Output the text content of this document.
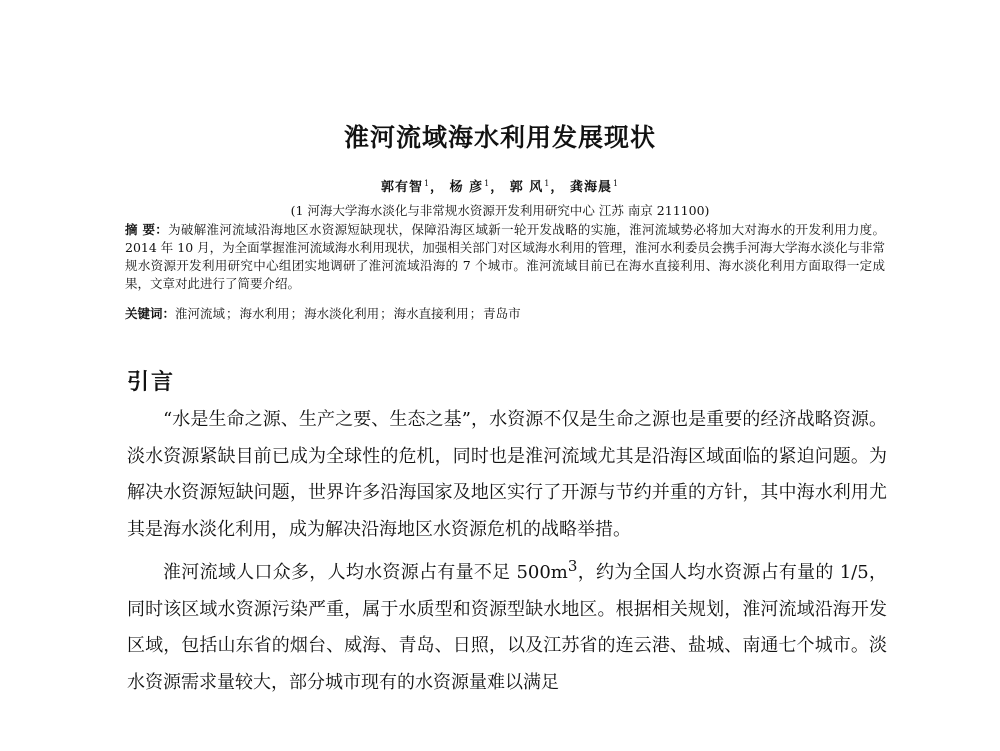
淮河流域海水利用发展现状
郭有智$^1$， 杨 彦$^1$， 郭 风$^1$， 龚海晨$^1$
(1 河海大学海水淡化与非常规水资源开发利用研究中心 江苏 南京 211100)
摘 要：为破解淮河流域沿海地区水资源短缺现状，保障沿海区域新一轮开发战略的实施，淮河流域势必将加大对海水的开发利用力度。2014 年 10 月，为全面掌握淮河流域海水利用现状，加强相关部门对区域海水利用的管理，淮河水利委员会携手河海大学海水淡化与非常规水资源开发利用研究中心组团实地调研了淮河流域沿海的 7 个城市。淮河流域目前已在海水直接利用、海水淡化利用方面取得一定成果，文章对此进行了简要介绍。
关键词：淮河流域；海水利用；海水淡化利用；海水直接利用；青岛市
引言

“水是生命之源、生产之要、生态之基”，水资源不仅是生命之源也是重要的经济战略资源。淡水资源紧缺目前已成为全球性的危机，同时也是淮河流域尤其是沿海区域面临的紧迫问题。为解决水资源短缺问题，世界许多沿海国家及地区实行了开源与节约并重的方针，其中海水利用尤其是海水淡化利用，成为解决沿海地区水资源危机的战略举措。

淮河流域人口众多，人均水资源占有量不足 $500m^3$，约为全国人均水资源占有量的 1/5，同时该区域水资源污染严重，属于水质型和资源型缺水地区。根据相关规划，淮河流域沿海开发区域，包括山东省的烟台、威海、青岛、日照，以及江苏省的连云港、盐城、南通七个城市。淡水资源需求量较大，部分城市现有的水资源量难以满足
